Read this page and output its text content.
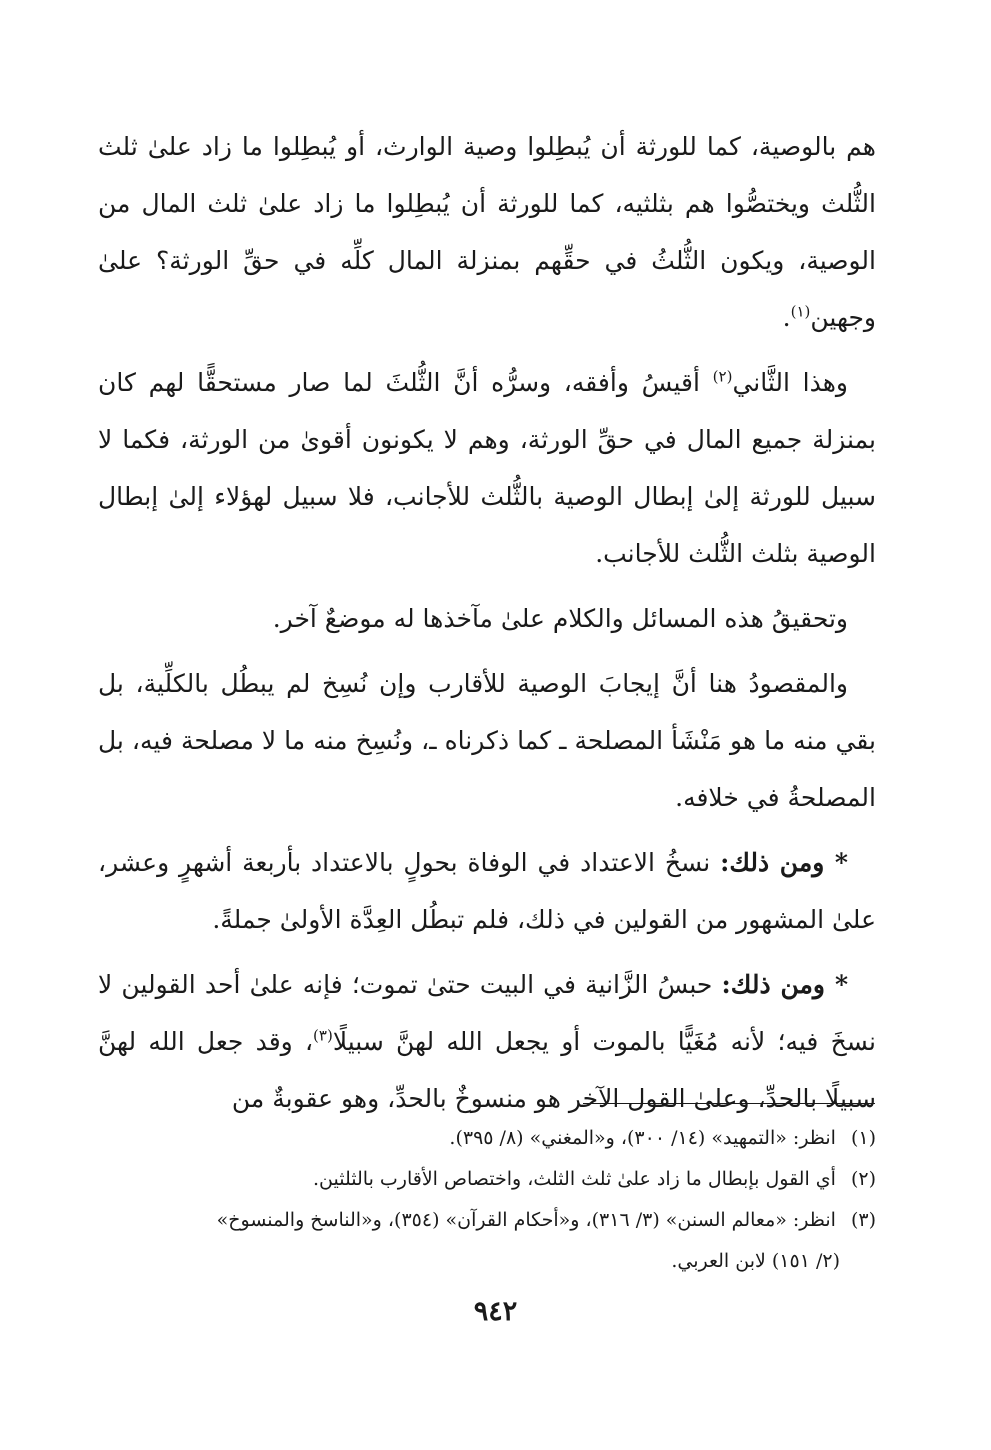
هم بالوصية، كما للورثة أن يُبطِلوا وصية الوارث، أو يُبطِلوا ما زاد علىٰ ثلث الثُّلث ويختصُّوا هم بثلثيه، كما للورثة أن يُبطِلوا ما زاد علىٰ ثلث المال من الوصية، ويكون الثُّلثُ في حقِّهم بمنزلة المال كلِّه في حقِّ الورثة؟ علىٰ وجهين$^{(١)}$.

وهذا الثَّاني$^{(٢)}$ أقيسُ وأفقه، وسرُّه أنَّ الثُّلثَ لما صار مستحقًّا لهم كان بمنزلة جميع المال في حقِّ الورثة، وهم لا يكونون أقوىٰ من الورثة، فكما لا سبيل للورثة إلىٰ إبطال الوصية بالثُّلث للأجانب، فلا سبيل لهؤلاء إلىٰ إبطال الوصية بثلث الثُّلث للأجانب.

وتحقيقُ هذه المسائل والكلام علىٰ مآخذها له موضعٌ آخر.

والمقصودُ هنا أنَّ إيجابَ الوصية للأقارب وإن نُسِخ لم يبطُل بالكلِّية، بل بقي منه ما هو مَنْشَأ المصلحة ـ كما ذكرناه ـ، ونُسِخ منه ما لا مصلحة فيه، بل المصلحةُ في خلافه.

* ومن ذلك: نسخُ الاعتداد في الوفاة بحولٍ بالاعتداد بأربعة أشهرٍ وعشر، علىٰ المشهور من القولين في ذلك، فلم تبطُل العِدَّة الأولىٰ جملةً.

* ومن ذلك: حبسُ الزَّانية في البيت حتىٰ تموت؛ فإنه علىٰ أحد القولين لا نسخَ فيه؛ لأنه مُغَيًّا بالموت أو يجعل الله لهنَّ سبيلًا$^{(٣)}$، وقد جعل الله لهنَّ سبيلًا بالحدِّ، وعلىٰ القول الآخر هو منسوخٌ بالحدِّ، وهو عقوبةٌ من

(١) انظر: «التمهيد» (١٤/ ٣٠٠)، و«المغني» (٨/ ٣٩٥).

(٢) أي القول بإبطال ما زاد علىٰ ثلث الثلث، واختصاص الأقارب بالثلثين.

(٣) انظر: «معالم السنن» (٣/ ٣١٦)، و«أحكام القرآن» (٣٥٤)، و«الناسخ والمنسوخ»

(٢/ ١٥١) لابن العربي.

٩٤٢
